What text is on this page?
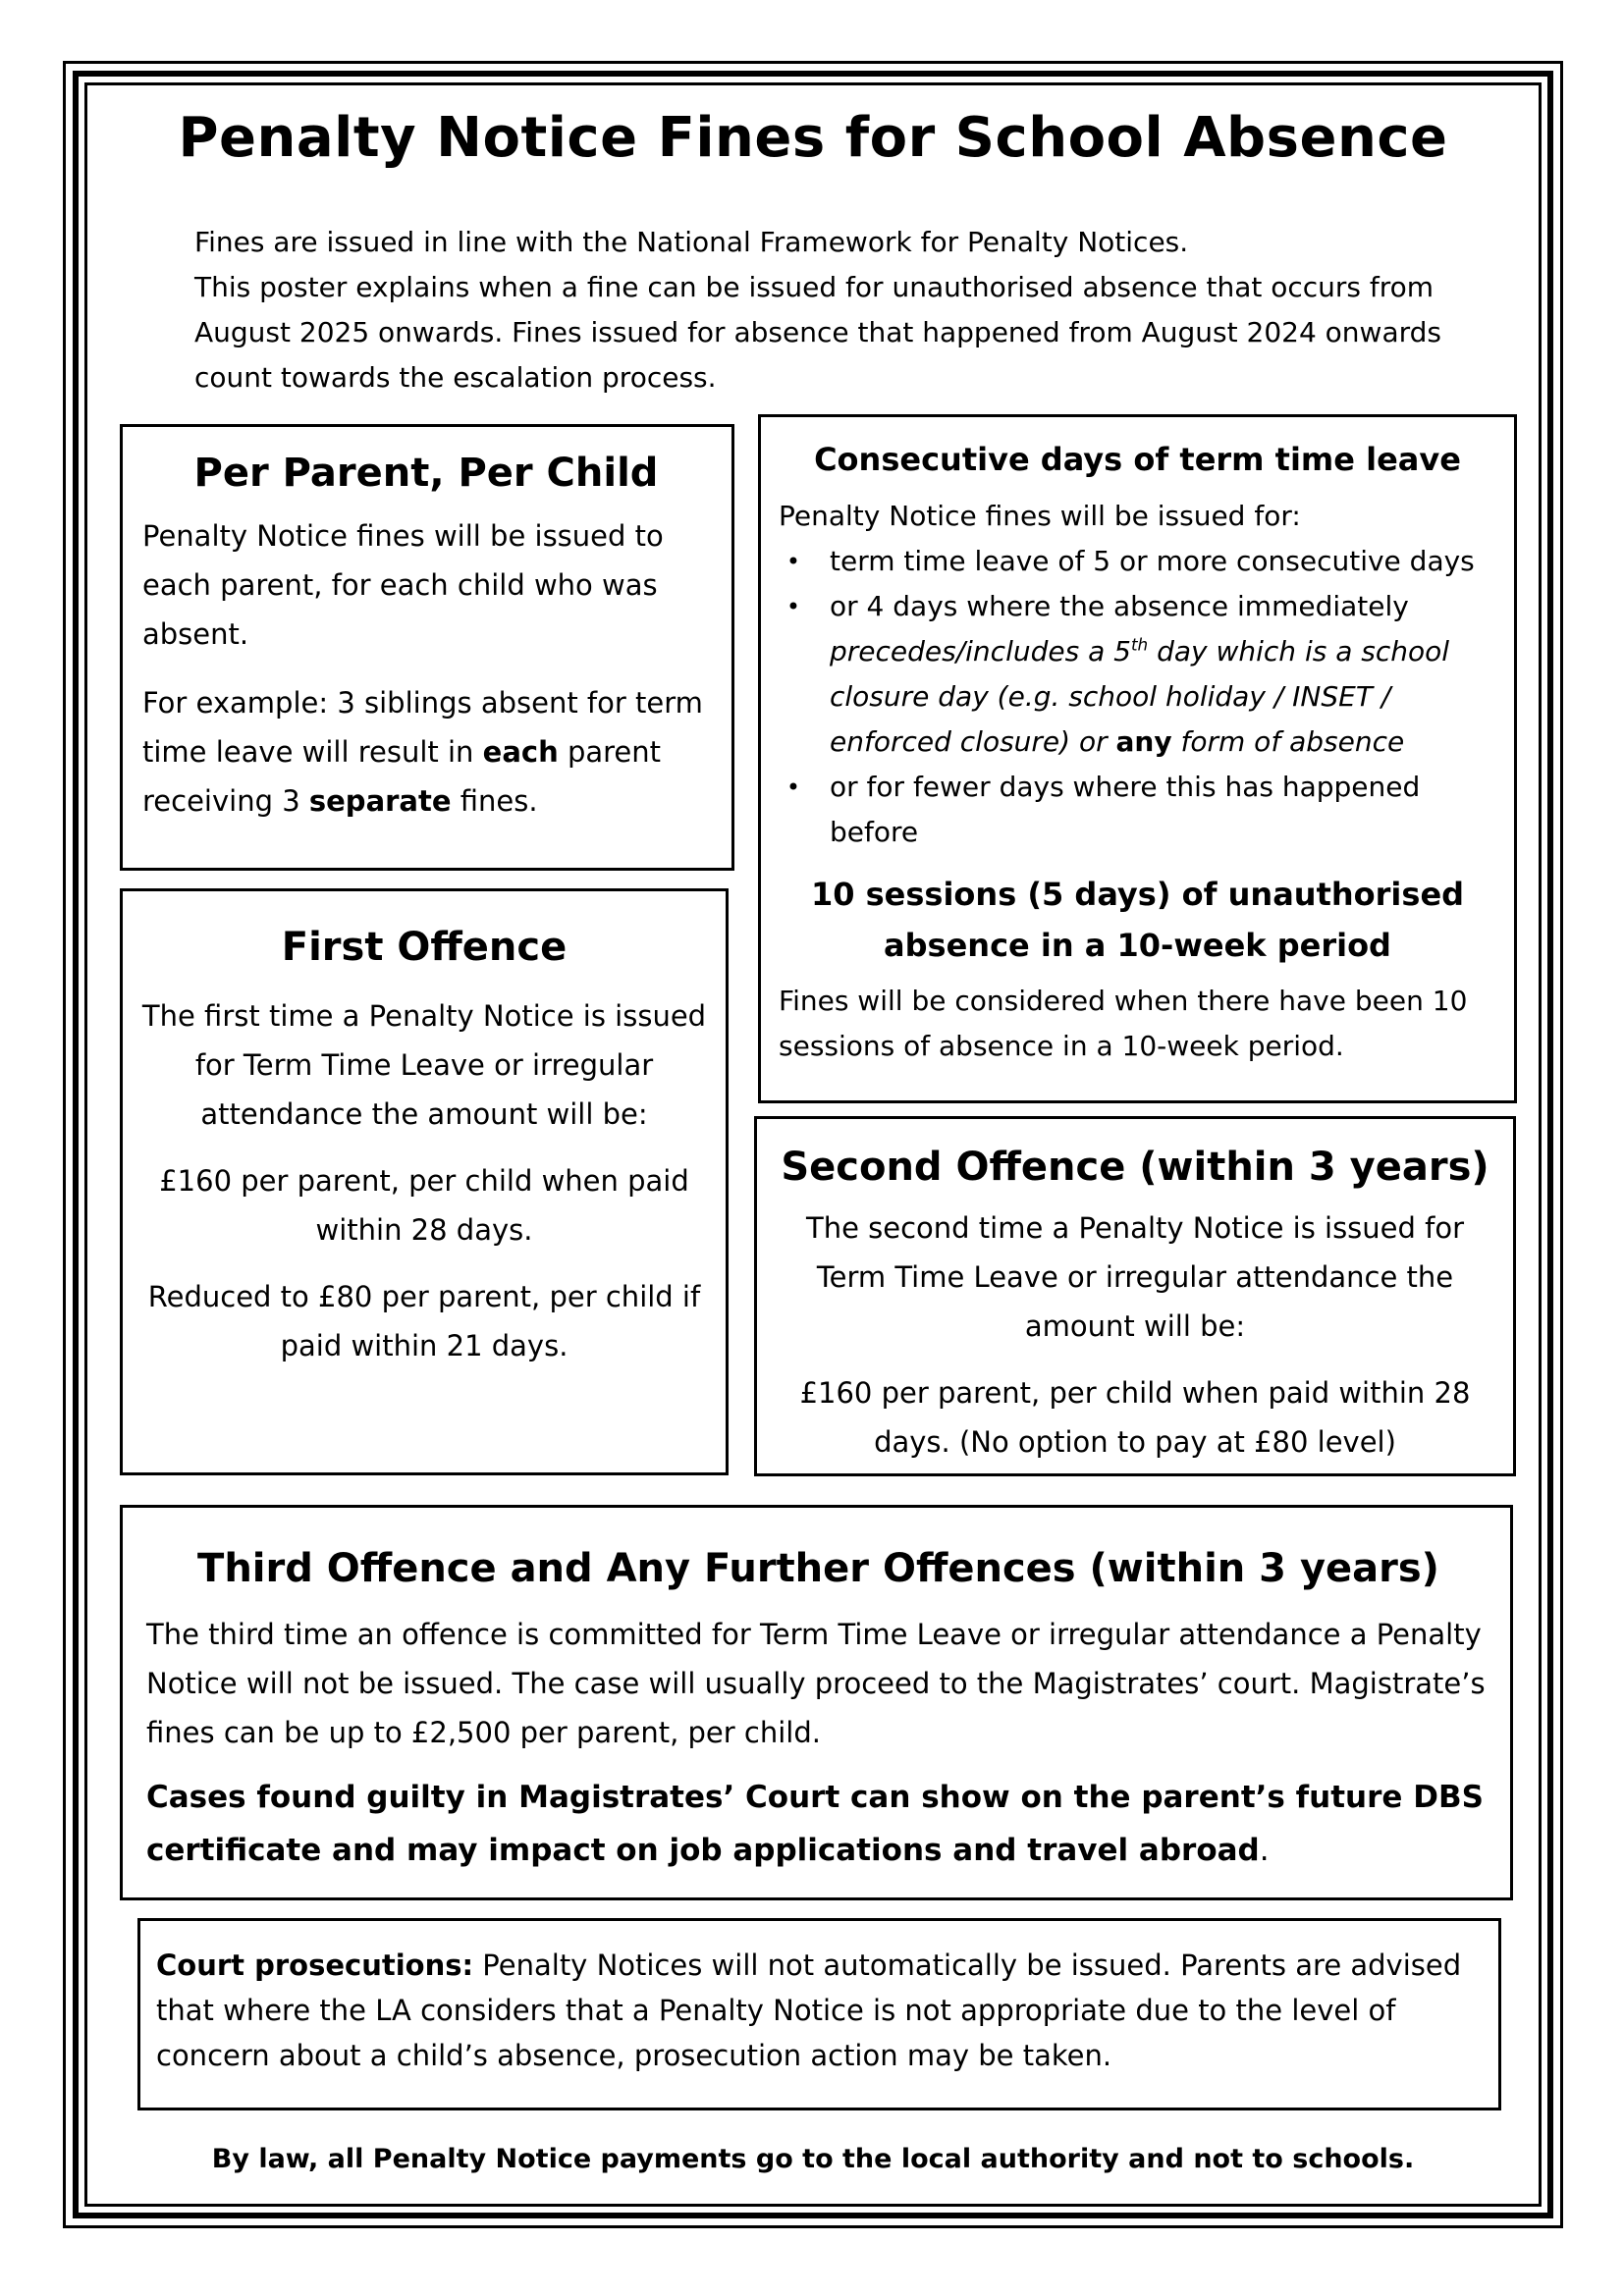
Penalty Notice Fines for School Absence

Fines are issued in line with the National Framework for Penalty Notices.

This poster explains when a fine can be issued for unauthorised absence that occurs from August 2025 onwards. Fines issued for absence that happened from August 2024 onwards count towards the escalation process.

Per Parent, Per Child

Penalty Notice fines will be issued to each parent, for each child who was absent.

For example: 3 siblings absent for term time leave will result in each parent receiving 3 separate fines.

Consecutive days of term time leave

Penalty Notice fines will be issued for:

• term time leave of 5 or more consecutive days
• or 4 days where the absence immediately precedes/includes a 5th day which is a school closure day (e.g. school holiday / INSET / enforced closure) or any form of absence
• or for fewer days where this has happened before
10 sessions (5 days) of unauthorised
absence in a 10-week period

Fines will be considered when there have been 10 sessions of absence in a 10-week period.

First Offence

The first time a Penalty Notice is issued for Term Time Leave or irregular attendance the amount will be:

£160 per parent, per child when paid within 28 days.

Reduced to £80 per parent, per child if paid within 21 days.

Second Offence (within 3 years)

The second time a Penalty Notice is issued for Term Time Leave or irregular attendance the amount will be:

£160 per parent, per child when paid within 28 days. (No option to pay at £80 level)

Third Offence and Any Further Offences (within 3 years)

The third time an offence is committed for Term Time Leave or irregular attendance a Penalty Notice will not be issued. The case will usually proceed to the Magistrates’ court. Magistrate’s fines can be up to £2,500 per parent, per child.

Cases found guilty in Magistrates’ Court can show on the parent’s future DBS certificate and may impact on job applications and travel abroad.

Court prosecutions: Penalty Notices will not automatically be issued. Parents are advised that where the LA considers that a Penalty Notice is not appropriate due to the level of concern about a child’s absence, prosecution action may be taken.

By law, all Penalty Notice payments go to the local authority and not to schools.
